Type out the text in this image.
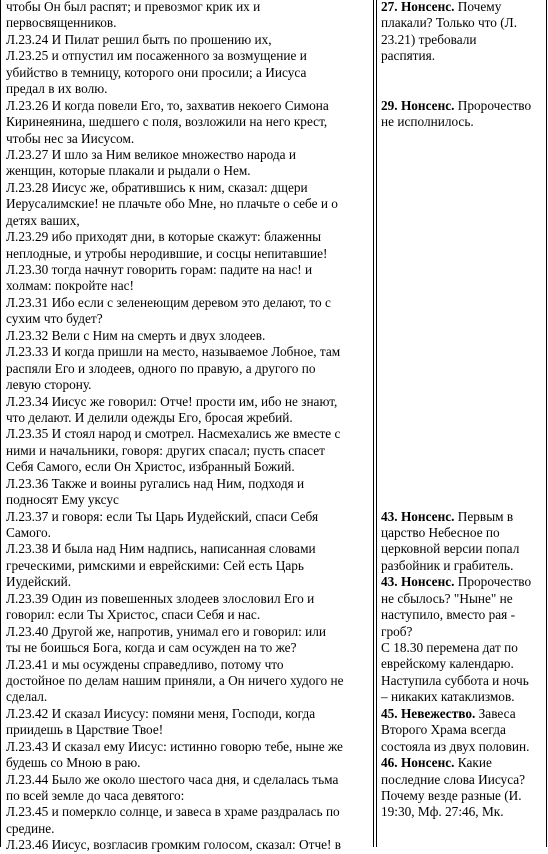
чтобы Он был распят; и превозмог крик их и
первосвященников.
Л.23.24 И Пилат решил быть по прошению их,
Л.23.25 и отпустил им посаженного за возмущение и
убийство в темницу, которого они просили; а Иисуса
предал в их волю.
Л.23.26 И когда повели Его, то, захватив некоего Симона
Киринеянина, шедшего с поля, возложили на него крест,
чтобы нес за Иисусом.
Л.23.27 И шло за Ним великое множество народа и
женщин, которые плакали и рыдали о Нем.
Л.23.28 Иисус же, обратившись к ним, сказал: дщери
Иерусалимские! не плачьте обо Мне, но плачьте о себе и о
детях ваших,
Л.23.29 ибо приходят дни, в которые скажут: блаженны
неплодные, и утробы неродившие, и сосцы непитавшие!
Л.23.30 тогда начнут говорить горам: падите на нас! и
холмам: покройте нас!
Л.23.31 Ибо если с зеленеющим деревом это делают, то с
сухим что будет?
Л.23.32 Вели с Ним на смерть и двух злодеев.
Л.23.33 И когда пришли на место, называемое Лобное, там
распяли Его и злодеев, одного по правую, а другого по
левую сторону.
Л.23.34 Иисус же говорил: Отче! прости им, ибо не знают,
что делают. И делили одежды Его, бросая жребий.
Л.23.35 И стоял народ и смотрел. Насмехались же вместе с
ними и начальники, говоря: других спасал; пусть спасет
Себя Самого, если Он Христос, избранный Божий.
Л.23.36 Также и воины ругались над Ним, подходя и
подносят Ему уксус
Л.23.37 и говоря: если Ты Царь Иудейский, спаси Себя
Самого.
Л.23.38 И была над Ним надпись, написанная словами
греческими, римскими и еврейскими: Сей есть Царь
Иудейский.
Л.23.39 Один из повешенных злодеев злословил Его и
говорил: если Ты Христос, спаси Себя и нас.
Л.23.40 Другой же, напротив, унимал его и говорил: или
ты не боишься Бога, когда и сам осужден на то же?
Л.23.41 и мы осуждены справедливо, потому что
достойное по делам нашим приняли, а Он ничего худого не
сделал.
Л.23.42 И сказал Иисусу: помяни меня, Господи, когда
приидешь в Царствие Твое!
Л.23.43 И сказал ему Иисус: истинно говорю тебе, ныне же
будешь со Мною в раю.
Л.23.44 Было же около шестого часа дня, и сделалась тьма
по всей земле до часа девятого:
Л.23.45 и померкло солнце, и завеса в храме раздралась по
средине.
Л.23.46 Иисус, возгласив громким голосом, сказал: Отче! в
27. Нонсенс. Почему
плакали? Только что (Л.
23.21) требовали
распятия.
29. Нонсенс. Пророчество
не исполнилось.
43. Нонсенс. Первым в
царство Небесное по
церковной версии попал
разбойник и грабитель.
43. Нонсенс. Пророчество
не сбылось? "Ныне" не
наступило, вместо рая -
гроб?
С 18.30 перемена дат по
еврейскому календарю.
Наступила суббота и ночь
– никаких катаклизмов.
45. Невежество. Завеса
Второго Храма всегда
состояла из двух половин.
46. Нонсенс. Какие
последние слова Иисуса?
Почему везде разные (И.
19:30, Мф. 27:46, Мк.
